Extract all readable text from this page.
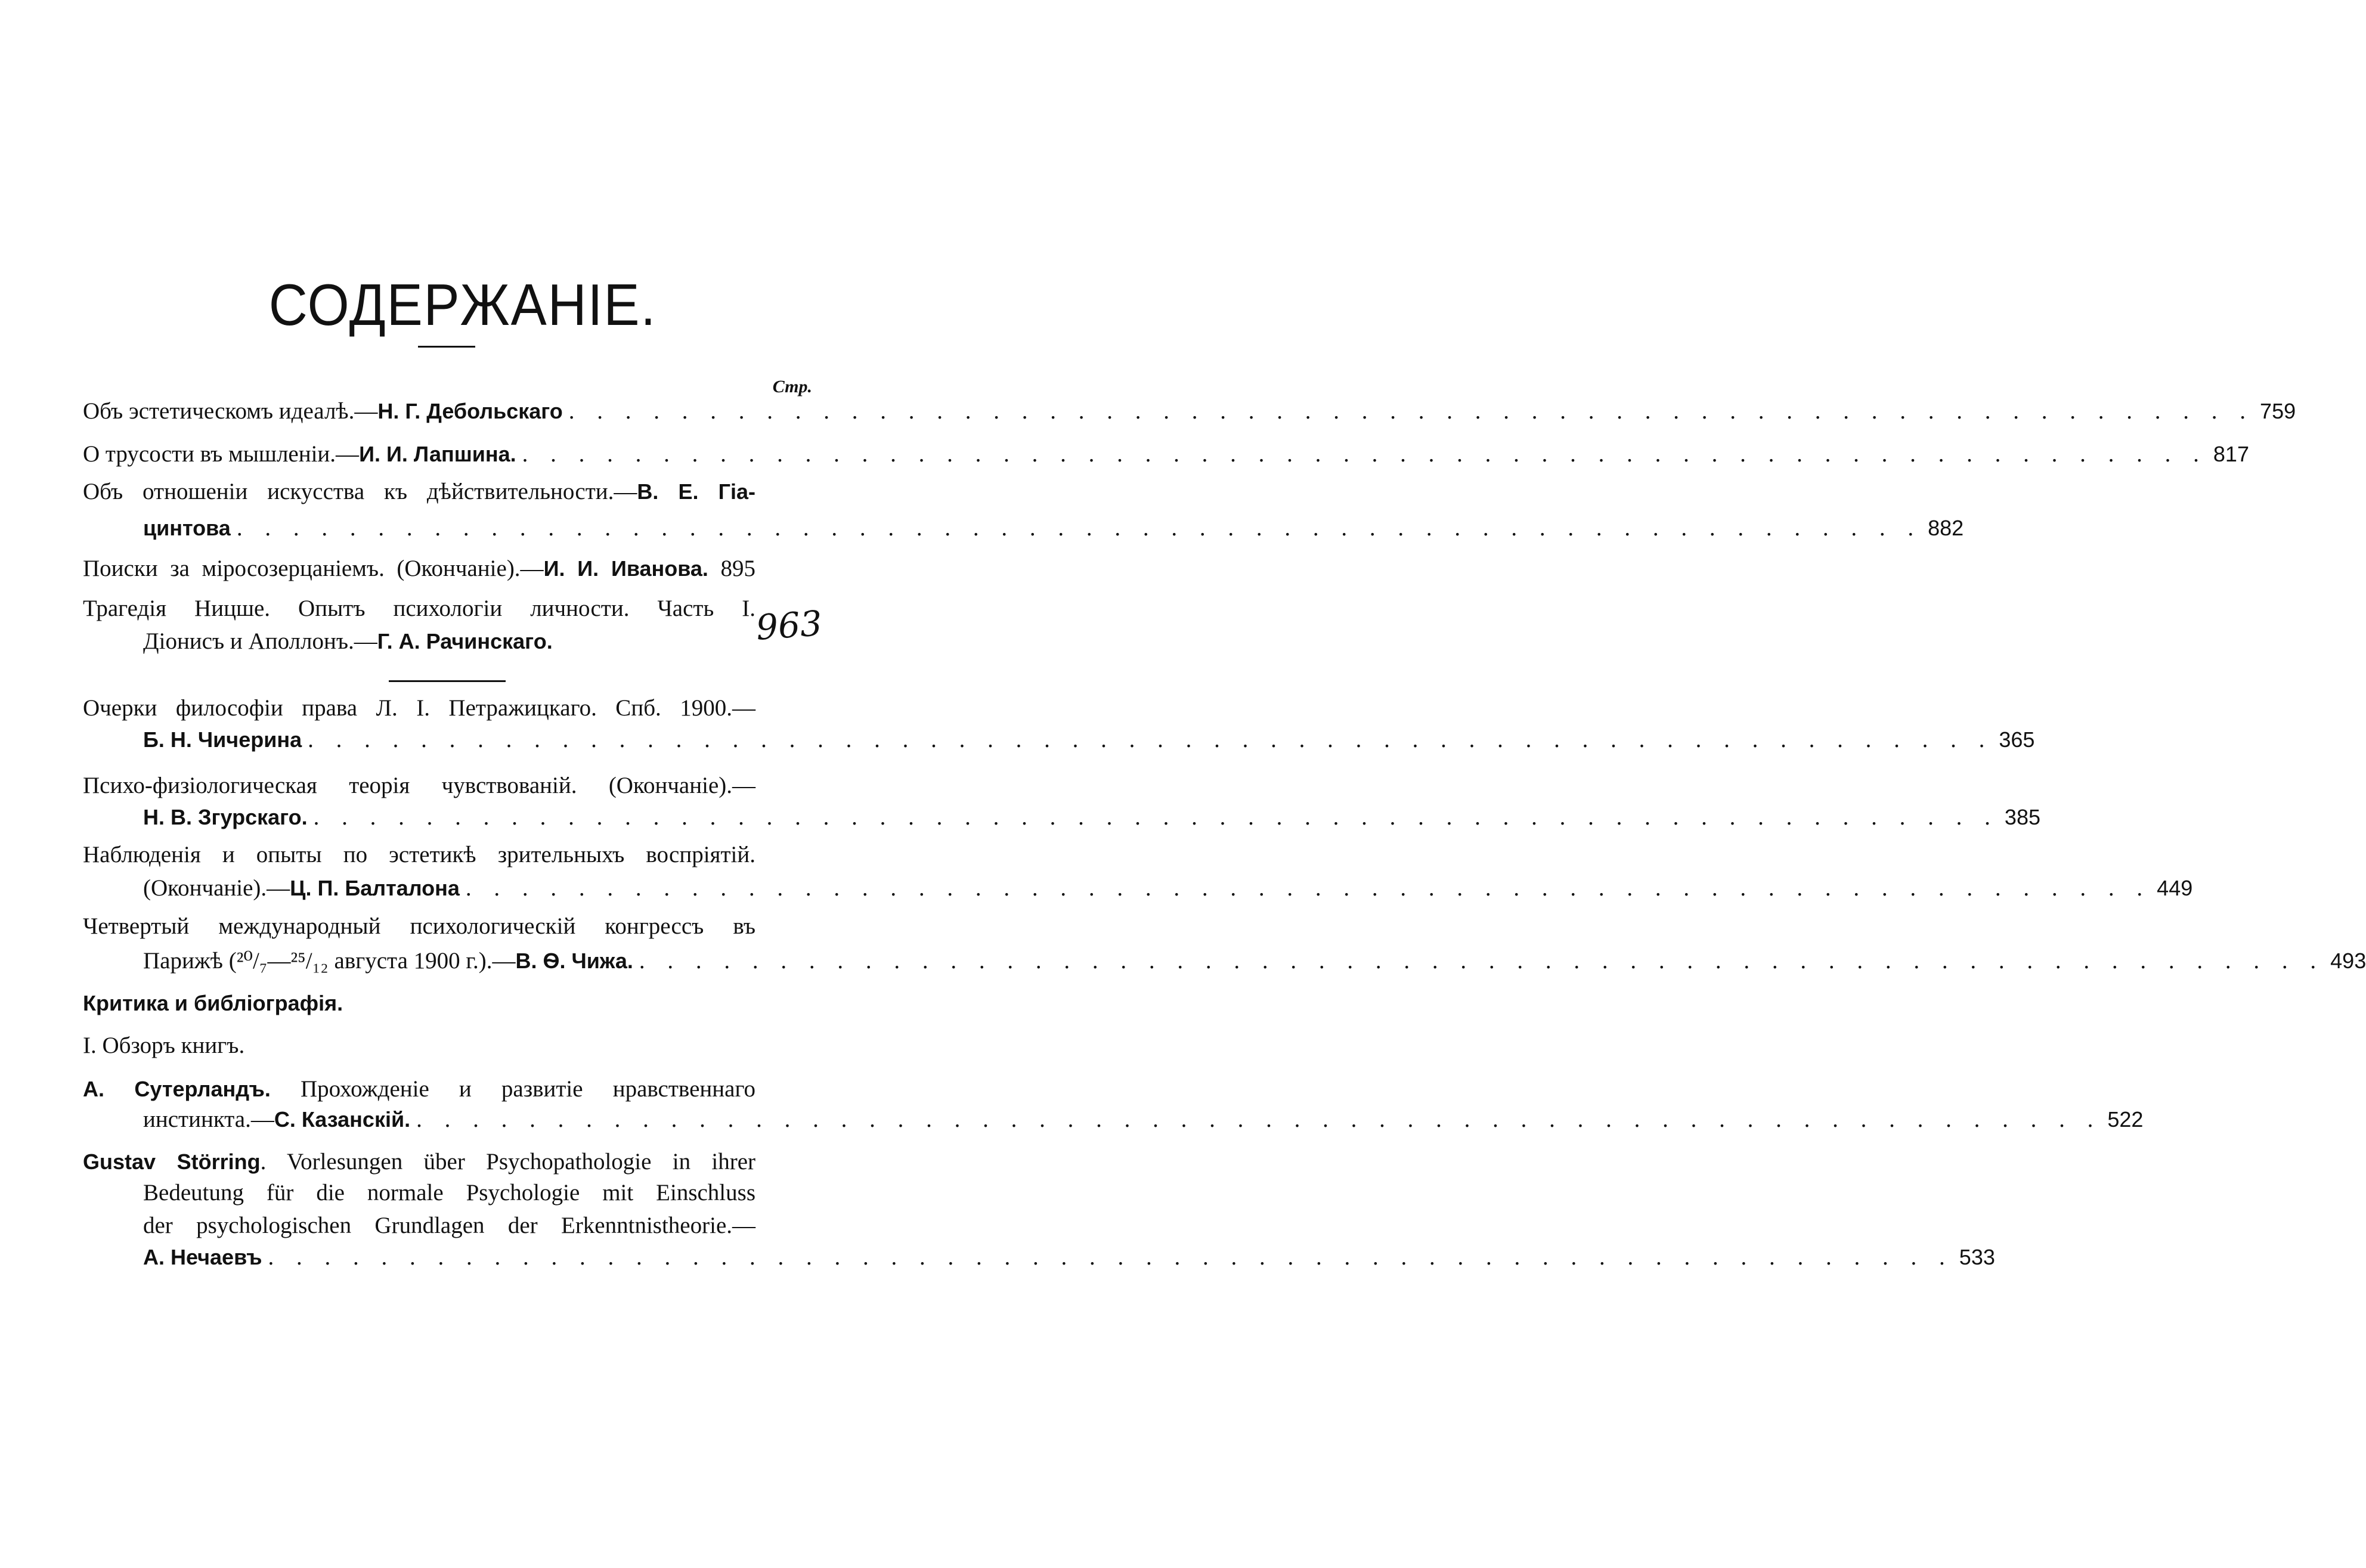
СОДЕРЖАНІЕ.
Стр.
963
Объ эстетическомъ идеалѣ.—Н. Г. Дебольскаго . . . . . . . . . . . . . . . . . . . . . . . . . . . . . . . . . . . . . . . . . . . . . . . . . . . . . . . . . . . . 759
О трусости въ мышленіи.—И. И. Лапшина. . . . . . . . . . . . . . . . . . . . . . . . . . . . . . . . . . . . . . . . . . . . . . . . . . . . . . . . . . . . . 817
Объ отношеніи искусства къ дѣйствительности.—В. Е. Гіа-
цинтова . . . . . . . . . . . . . . . . . . . . . . . . . . . . . . . . . . . . . . . . . . . . . . . . . . . . . . . . . . . . 882
Поиски за міросозерцаніемъ. (Окончаніе).—И. И. Иванова. 895
Трагедія Ницше. Опытъ психологіи личности. Часть I.
Діонисъ и Аполлонъ.—Г. А. Рачинскаго.
Очерки философіи права Л. I. Петражицкаго. Спб. 1900.—
Б. Н. Чичерина . . . . . . . . . . . . . . . . . . . . . . . . . . . . . . . . . . . . . . . . . . . . . . . . . . . . . . . . . . . . 365
Психо-физіологическая теорія чувствованій. (Окончаніе).—
Н. В. Згурскаго. . . . . . . . . . . . . . . . . . . . . . . . . . . . . . . . . . . . . . . . . . . . . . . . . . . . . . . . . . . . . 385
Наблюденія и опыты по эстетикѣ зрительныхъ воспріятій.
(Окончаніе).—Ц. П. Балталона . . . . . . . . . . . . . . . . . . . . . . . . . . . . . . . . . . . . . . . . . . . . . . . . . . . . . . . . . . . . 449
Четвертый международный психологическій конгрессъ въ
Парижѣ (²⁰/₇—²⁵/₁₂ августа 1900 г.).—В. Ѳ. Чижа. . . . . . . . . . . . . . . . . . . . . . . . . . . . . . . . . . . . . . . . . . . . . . . . . . . . . . . . . . . . . 493
Критика и библіографія.
I. Обзоръ книгъ.
А. Сутерландъ. Прохожденіе и развитіе нравственнаго
инстинкта.—С. Казанскій. . . . . . . . . . . . . . . . . . . . . . . . . . . . . . . . . . . . . . . . . . . . . . . . . . . . . . . . . . . . . 522
Gustav Störring. Vorlesungen über Psychopathologie in ihrer
Bedeutung für die normale Psychologie mit Einschluss
der psychologischen Grundlagen der Erkenntnistheorie.—
А. Нечаевъ . . . . . . . . . . . . . . . . . . . . . . . . . . . . . . . . . . . . . . . . . . . . . . . . . . . . . . . . . . . . 533
